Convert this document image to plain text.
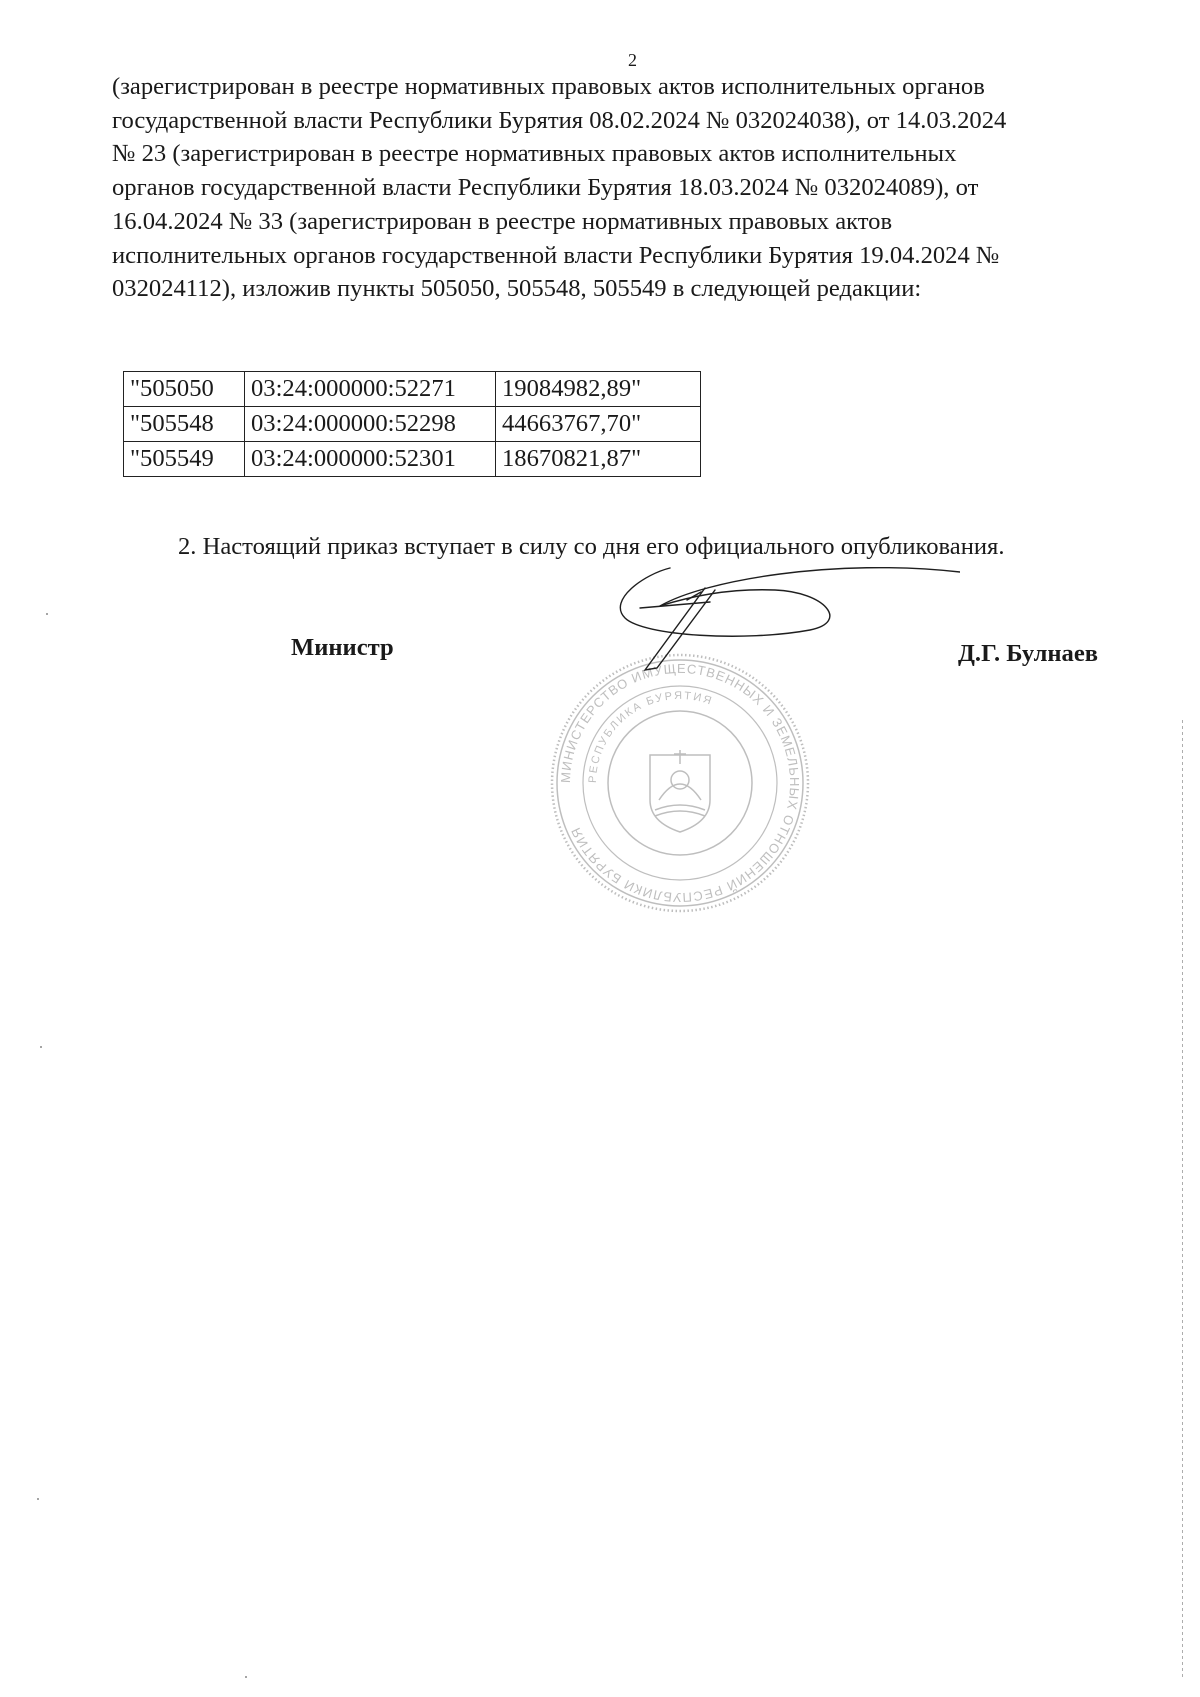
2
(зарегистрирован в реестре нормативных правовых актов исполнительных органов
государственной власти Республики Бурятия 08.02.2024 № 032024038), от 14.03.2024
№ 23 (зарегистрирован в реестре нормативных правовых актов исполнительных
органов государственной власти Республики Бурятия 18.03.2024 № 032024089), от
16.04.2024 № 33 (зарегистрирован в реестре нормативных правовых актов
исполнительных органов государственной власти Республики Бурятия 19.04.2024 №
032024112), изложив пункты 505050, 505548, 505549 в следующей редакции:
"505050	03:24:000000:52271	19084982,89"
"505548	03:24:000000:52298	44663767,70"
"505549	03:24:000000:52301	18670821,87"
2. Настоящий приказ вступает в силу со дня его официального опубликования.
Министр	Д.Г. Булнаев
МИНИСТЕРСТВО ИМУЩЕСТВЕННЫХ И ЗЕМЕЛЬНЫХ ОТНОШЕНИЙ РЕСПУБЛИКИ БУРЯТИЯ
РЕСПУБЛИКА БУРЯТИЯ
